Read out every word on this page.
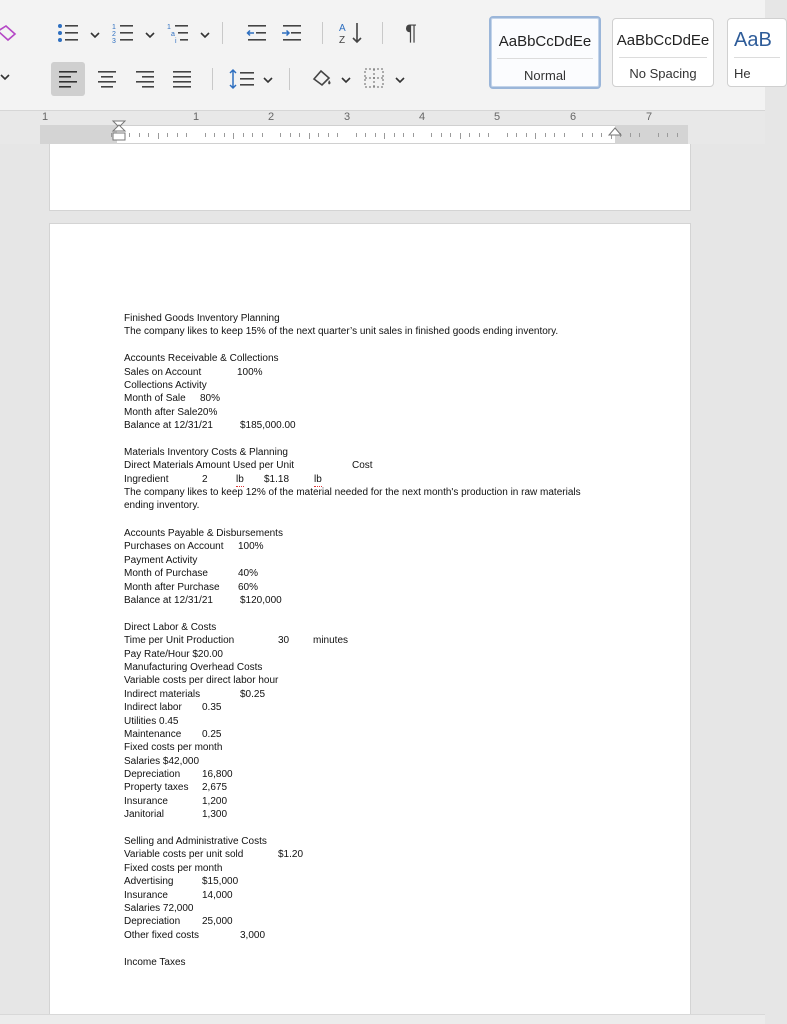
1
2
3
1
a
i
A
Z	¶	AaBbCcDdEe
Normal
AaBbCcDdEe
No Spacing
AaB
He
1	1	2	3	4	5	6	7
Finished Goods Inventory Planning
The company likes to keep 15% of the next quarter’s unit sales in finished goods ending inventory.
Accounts Receivable & Collections
Sales on Account	100%
Collections Activity
Month of Sale 80%
Month after Sale20%
Balance at 12/31/21	$185,000.00
Materials Inventory Costs & Planning
Direct Materials Amount Used per Unit	Cost
Ingredient	2	lb $1.18 lb
The company likes to keep 12% of the material needed for the next month's production in raw materials ending inventory.
Accounts Payable & Disbursements
Purchases on Account 100%
Payment Activity
Month of Purchase	40%
Month after Purchase 60%
Balance at 12/31/21	$120,000
Direct Labor & Costs
Time per Unit Production	30 minutes
Pay Rate/Hour $20.00
Manufacturing Overhead Costs
Variable costs per direct labor hour
Indirect materials	$0.25
Indirect labor 0.35
Utilities 0.45
Maintenance 0.25
Fixed costs per month
Salaries $42,000
Depreciation 16,800
Property taxes 2,675
Insurance	1,200
Janitorial	1,300
Selling and Administrative Costs
Variable costs per unit sold	$1.20
Fixed costs per month
Advertising	$15,000
Insurance	14,000
Salaries 72,000
Depreciation 25,000
Other fixed costs	3,000
Income Taxes
